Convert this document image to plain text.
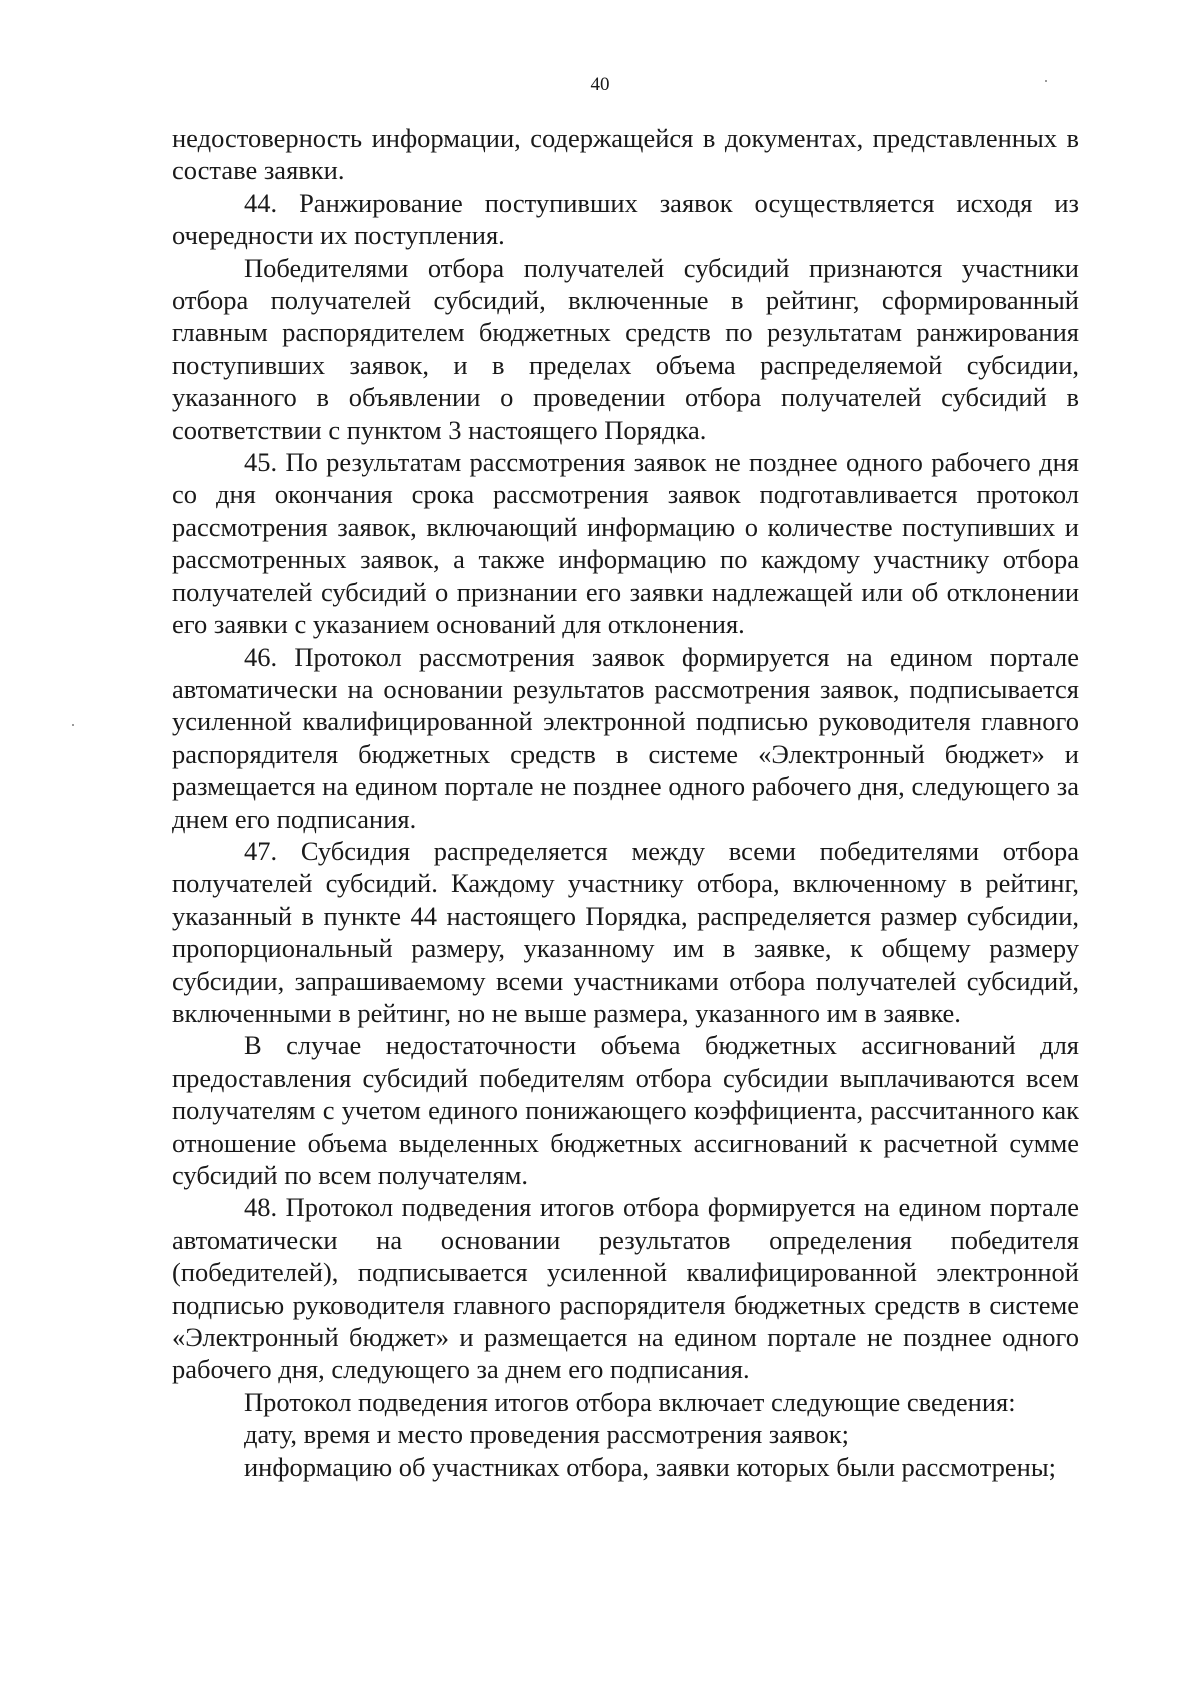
40

недостоверность информации, содержащейся в документах, представленных в составе заявки.

44. Ранжирование поступивших заявок осуществляется исходя из очередности их поступления.

Победителями отбора получателей субсидий признаются участники отбора получателей субсидий, включенные в рейтинг, сформированный главным распорядителем бюджетных средств по результатам ранжирования поступивших заявок, и в пределах объема распределяемой субсидии, указанного в объявлении о проведении отбора получателей субсидий в соответствии с пунктом 3 настоящего Порядка.

45. По результатам рассмотрения заявок не позднее одного рабочего дня со дня окончания срока рассмотрения заявок подготавливается протокол рассмотрения заявок, включающий информацию о количестве поступивших и рассмотренных заявок, а также информацию по каждому участнику отбора получателей субсидий о признании его заявки надлежащей или об отклонении его заявки с указанием оснований для отклонения.

46. Протокол рассмотрения заявок формируется на едином портале автоматически на основании результатов рассмотрения заявок, подписывается усиленной квалифицированной электронной подписью руководителя главного распорядителя бюджетных средств в системе «Электронный бюджет» и размещается на едином портале не позднее одного рабочего дня, следующего за днем его подписания.

47. Субсидия распределяется между всеми победителями отбора получателей субсидий. Каждому участнику отбора, включенному в рейтинг, указанный в пункте 44 настоящего Порядка, распределяется размер субсидии, пропорциональный размеру, указанному им в заявке, к общему размеру субсидии, запрашиваемому всеми участниками отбора получателей субсидий, включенными в рейтинг, но не выше размера, указанного им в заявке.

В случае недостаточности объема бюджетных ассигнований для предоставления субсидий победителям отбора субсидии выплачиваются всем получателям с учетом единого понижающего коэффициента, рассчитанного как отношение объема выделенных бюджетных ассигнований к расчетной сумме субсидий по всем получателям.

48. Протокол подведения итогов отбора формируется на едином портале автоматически на основании результатов определения победителя (победителей), подписывается усиленной квалифицированной электронной подписью руководителя главного распорядителя бюджетных средств в системе «Электронный бюджет» и размещается на едином портале не позднее одного рабочего дня, следующего за днем его подписания.

Протокол подведения итогов отбора включает следующие сведения:

дату, время и место проведения рассмотрения заявок;

информацию об участниках отбора, заявки которых были рассмотрены;
